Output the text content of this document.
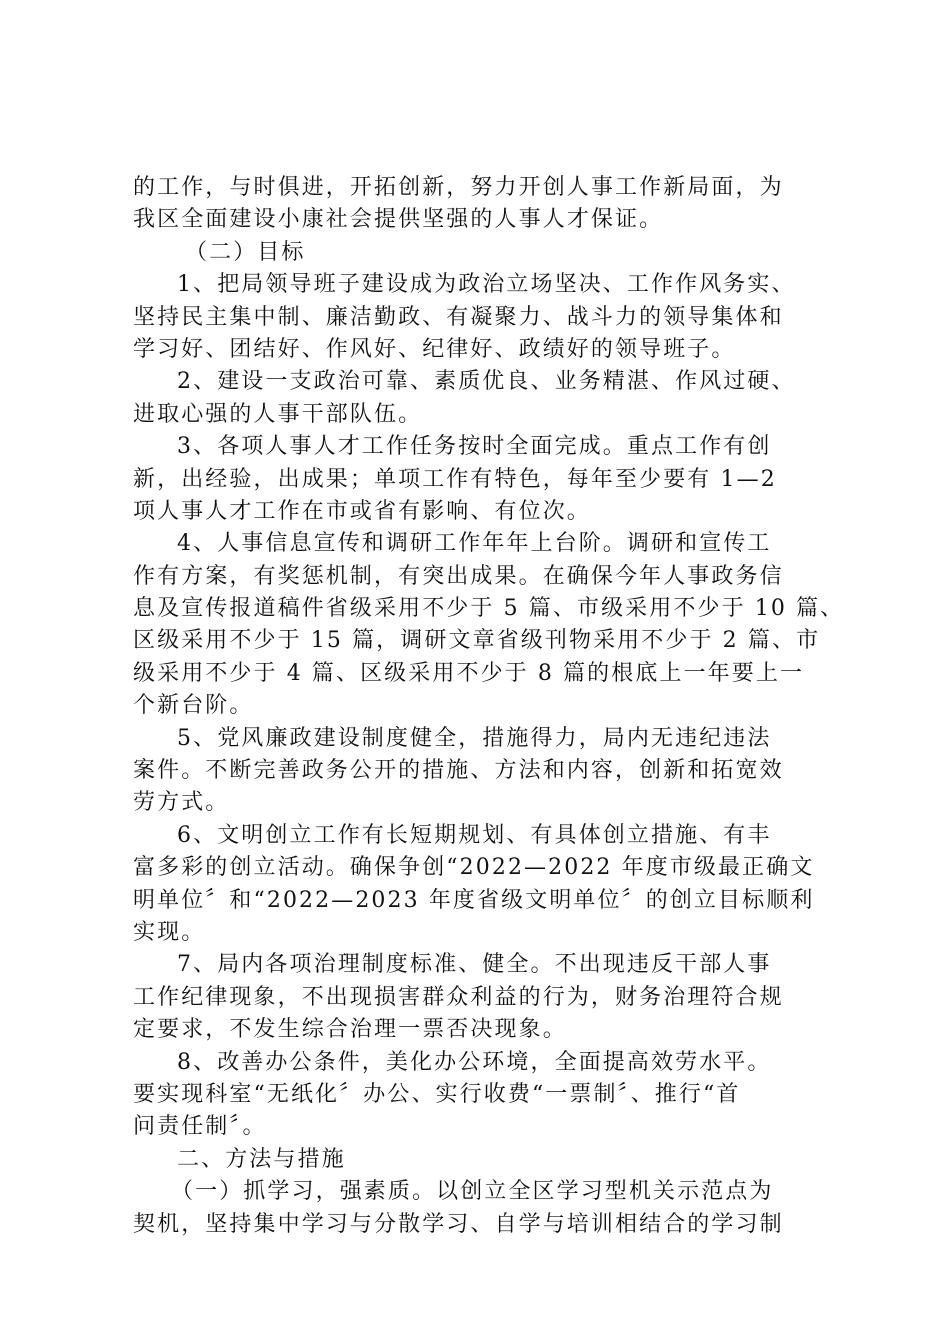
的工作，与时俱进，开拓创新，努力开创人事工作新局面，为
我区全面建设小康社会提供坚强的人事人才保证。
（二）目标
1、把局领导班子建设成为政治立场坚决、工作作风务实、
坚持民主集中制、廉洁勤政、有凝聚力、战斗力的领导集体和
学习好、团结好、作风好、纪律好、政绩好的领导班子。
2、建设一支政治可靠、素质优良、业务精湛、作风过硬、
进取心强的人事干部队伍。
3、各项人事人才工作任务按时全面完成。重点工作有创
新，出经验，出成果；单项工作有特色，每年至少要有 1—2
项人事人才工作在市或省有影响、有位次。
4、人事信息宣传和调研工作年年上台阶。调研和宣传工
作有方案，有奖惩机制，有突出成果。在确保今年人事政务信
息及宣传报道稿件省级采用不少于 5 篇、市级采用不少于 10 篇、
区级采用不少于 15 篇，调研文章省级刊物采用不少于 2 篇、市
级采用不少于 4 篇、区级采用不少于 8 篇的根底上一年要上一
个新台阶。
5、党风廉政建设制度健全，措施得力，局内无违纪违法
案件。不断完善政务公开的措施、方法和内容，创新和拓宽效
劳方式。
6、文明创立工作有长短期规划、有具体创立措施、有丰
富多彩的创立活动。确保争创“2022—2022 年度市级最正确文
明单位〞和“2022—2023 年度省级文明单位〞的创立目标顺利
实现。
7、局内各项治理制度标准、健全。不出现违反干部人事
工作纪律现象，不出现损害群众利益的行为，财务治理符合规
定要求，不发生综合治理一票否决现象。
8、改善办公条件，美化办公环境，全面提高效劳水平。
要实现科室“无纸化〞办公、实行收费“一票制〞、推行“首
问责任制〞。
二、方法与措施
（一）抓学习，强素质。以创立全区学习型机关示范点为
契机，坚持集中学习与分散学习、自学与培训相结合的学习制
